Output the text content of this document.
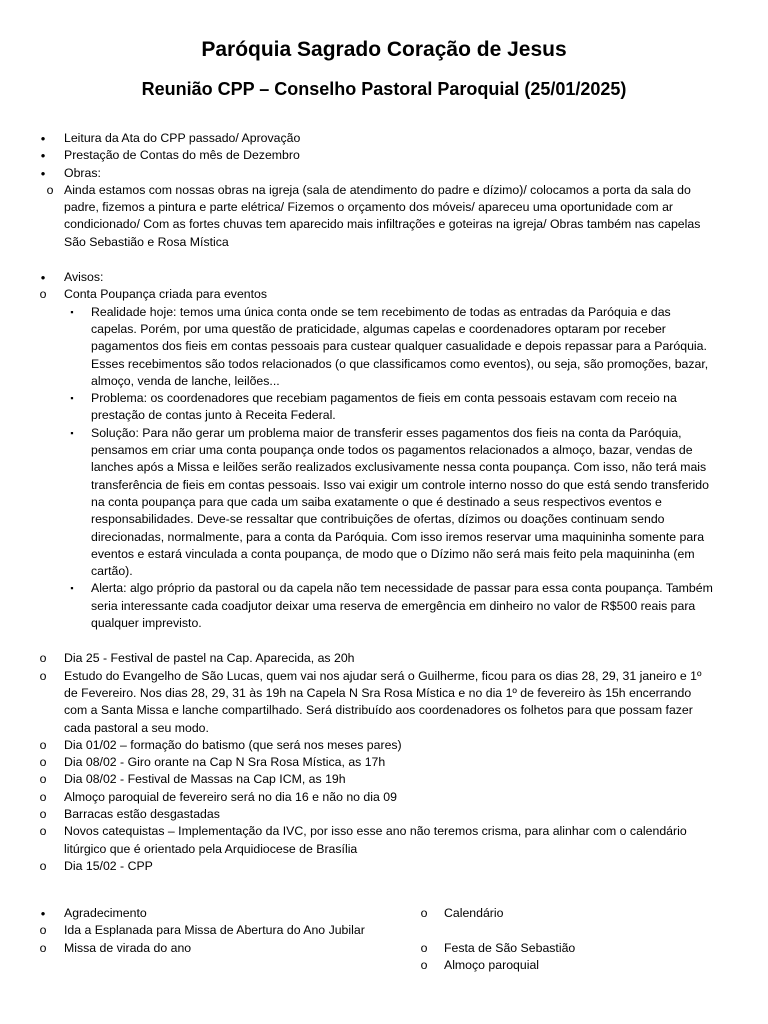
Paróquia Sagrado Coração de Jesus
Reunião CPP – Conselho Pastoral Paroquial (25/01/2025)
•	Leitura da Ata do CPP passado/ Aprovação
•	Prestação de Contas do mês de Dezembro
•	Obras:
o Ainda estamos com nossas obras na igreja (sala de atendimento do padre e dízimo)/ colocamos a porta da sala do padre, fizemos a pintura e parte elétrica/ Fizemos o orçamento dos móveis/ apareceu uma oportunidade com ar condicionado/ Com as fortes chuvas tem aparecido mais infiltrações e goteiras na igreja/ Obras também nas capelas São Sebastião e Rosa Mística
•	Avisos:
o Conta Poupança criada para eventos
▪	Realidade hoje: temos uma única conta onde se tem recebimento de todas as entradas da Paróquia e das capelas. Porém, por uma questão de praticidade, algumas capelas e coordenadores optaram por receber pagamentos dos fieis em contas pessoais para custear qualquer casualidade e depois repassar para a Paróquia. Esses recebimentos são todos relacionados (o que classificamos como eventos), ou seja, são promoções, bazar, almoço, venda de lanche, leilões...
▪	Problema: os coordenadores que recebiam pagamentos de fieis em conta pessoais estavam com receio na prestação de contas junto à Receita Federal.
▪	Solução: Para não gerar um problema maior de transferir esses pagamentos dos fieis na conta da Paróquia, pensamos em criar uma conta poupança onde todos os pagamentos relacionados a almoço, bazar, vendas de lanches após a Missa e leilões serão realizados exclusivamente nessa conta poupança. Com isso, não terá mais transferência de fieis em contas pessoais. Isso vai exigir um controle interno nosso do que está sendo transferido na conta poupança para que cada um saiba exatamente o que é destinado a seus respectivos eventos e responsabilidades. Deve-se ressaltar que contribuições de ofertas, dízimos ou doações continuam sendo direcionadas, normalmente, para a conta da Paróquia. Com isso iremos reservar uma maquininha somente para eventos e estará vinculada a conta poupança, de modo que o Dízimo não será mais feito pela maquininha (em cartão).
▪	Alerta: algo próprio da pastoral ou da capela não tem necessidade de passar para essa conta poupança. Também seria interessante cada coadjutor deixar uma reserva de emergência em dinheiro no valor de R$500 reais para qualquer imprevisto.
o Dia 25 - Festival de pastel na Cap. Aparecida, as 20h
o Estudo do Evangelho de São Lucas, quem vai nos ajudar será o Guilherme, ficou para os dias 28, 29, 31 janeiro e 1º de Fevereiro. Nos dias 28, 29, 31 às 19h na Capela N Sra Rosa Mística e no dia 1º de fevereiro às 15h encerrando com a Santa Missa e lanche compartilhado. Será distribuído aos coordenadores os folhetos para que possam fazer cada pastoral a seu modo.
o Dia 01/02 – formação do batismo (que será nos meses pares)
o Dia 08/02 - Giro orante na Cap N Sra Rosa Mística, as 17h
o Dia 08/02 - Festival de Massas na Cap ICM, as 19h
o Almoço paroquial de fevereiro será no dia 16 e não no dia 09
o Barracas estão desgastadas
o Novos catequistas – Implementação da IVC, por isso esse ano não teremos crisma, para alinhar com o calendário litúrgico que é orientado pela Arquidiocese de Brasília
o Dia 15/02 - CPP
•	Agradecimento
o Ida a Esplanada para Missa de Abertura do Ano Jubilar
o Missa de virada do ano
o Calendário
o Festa de São Sebastião
o Almoço paroquial
